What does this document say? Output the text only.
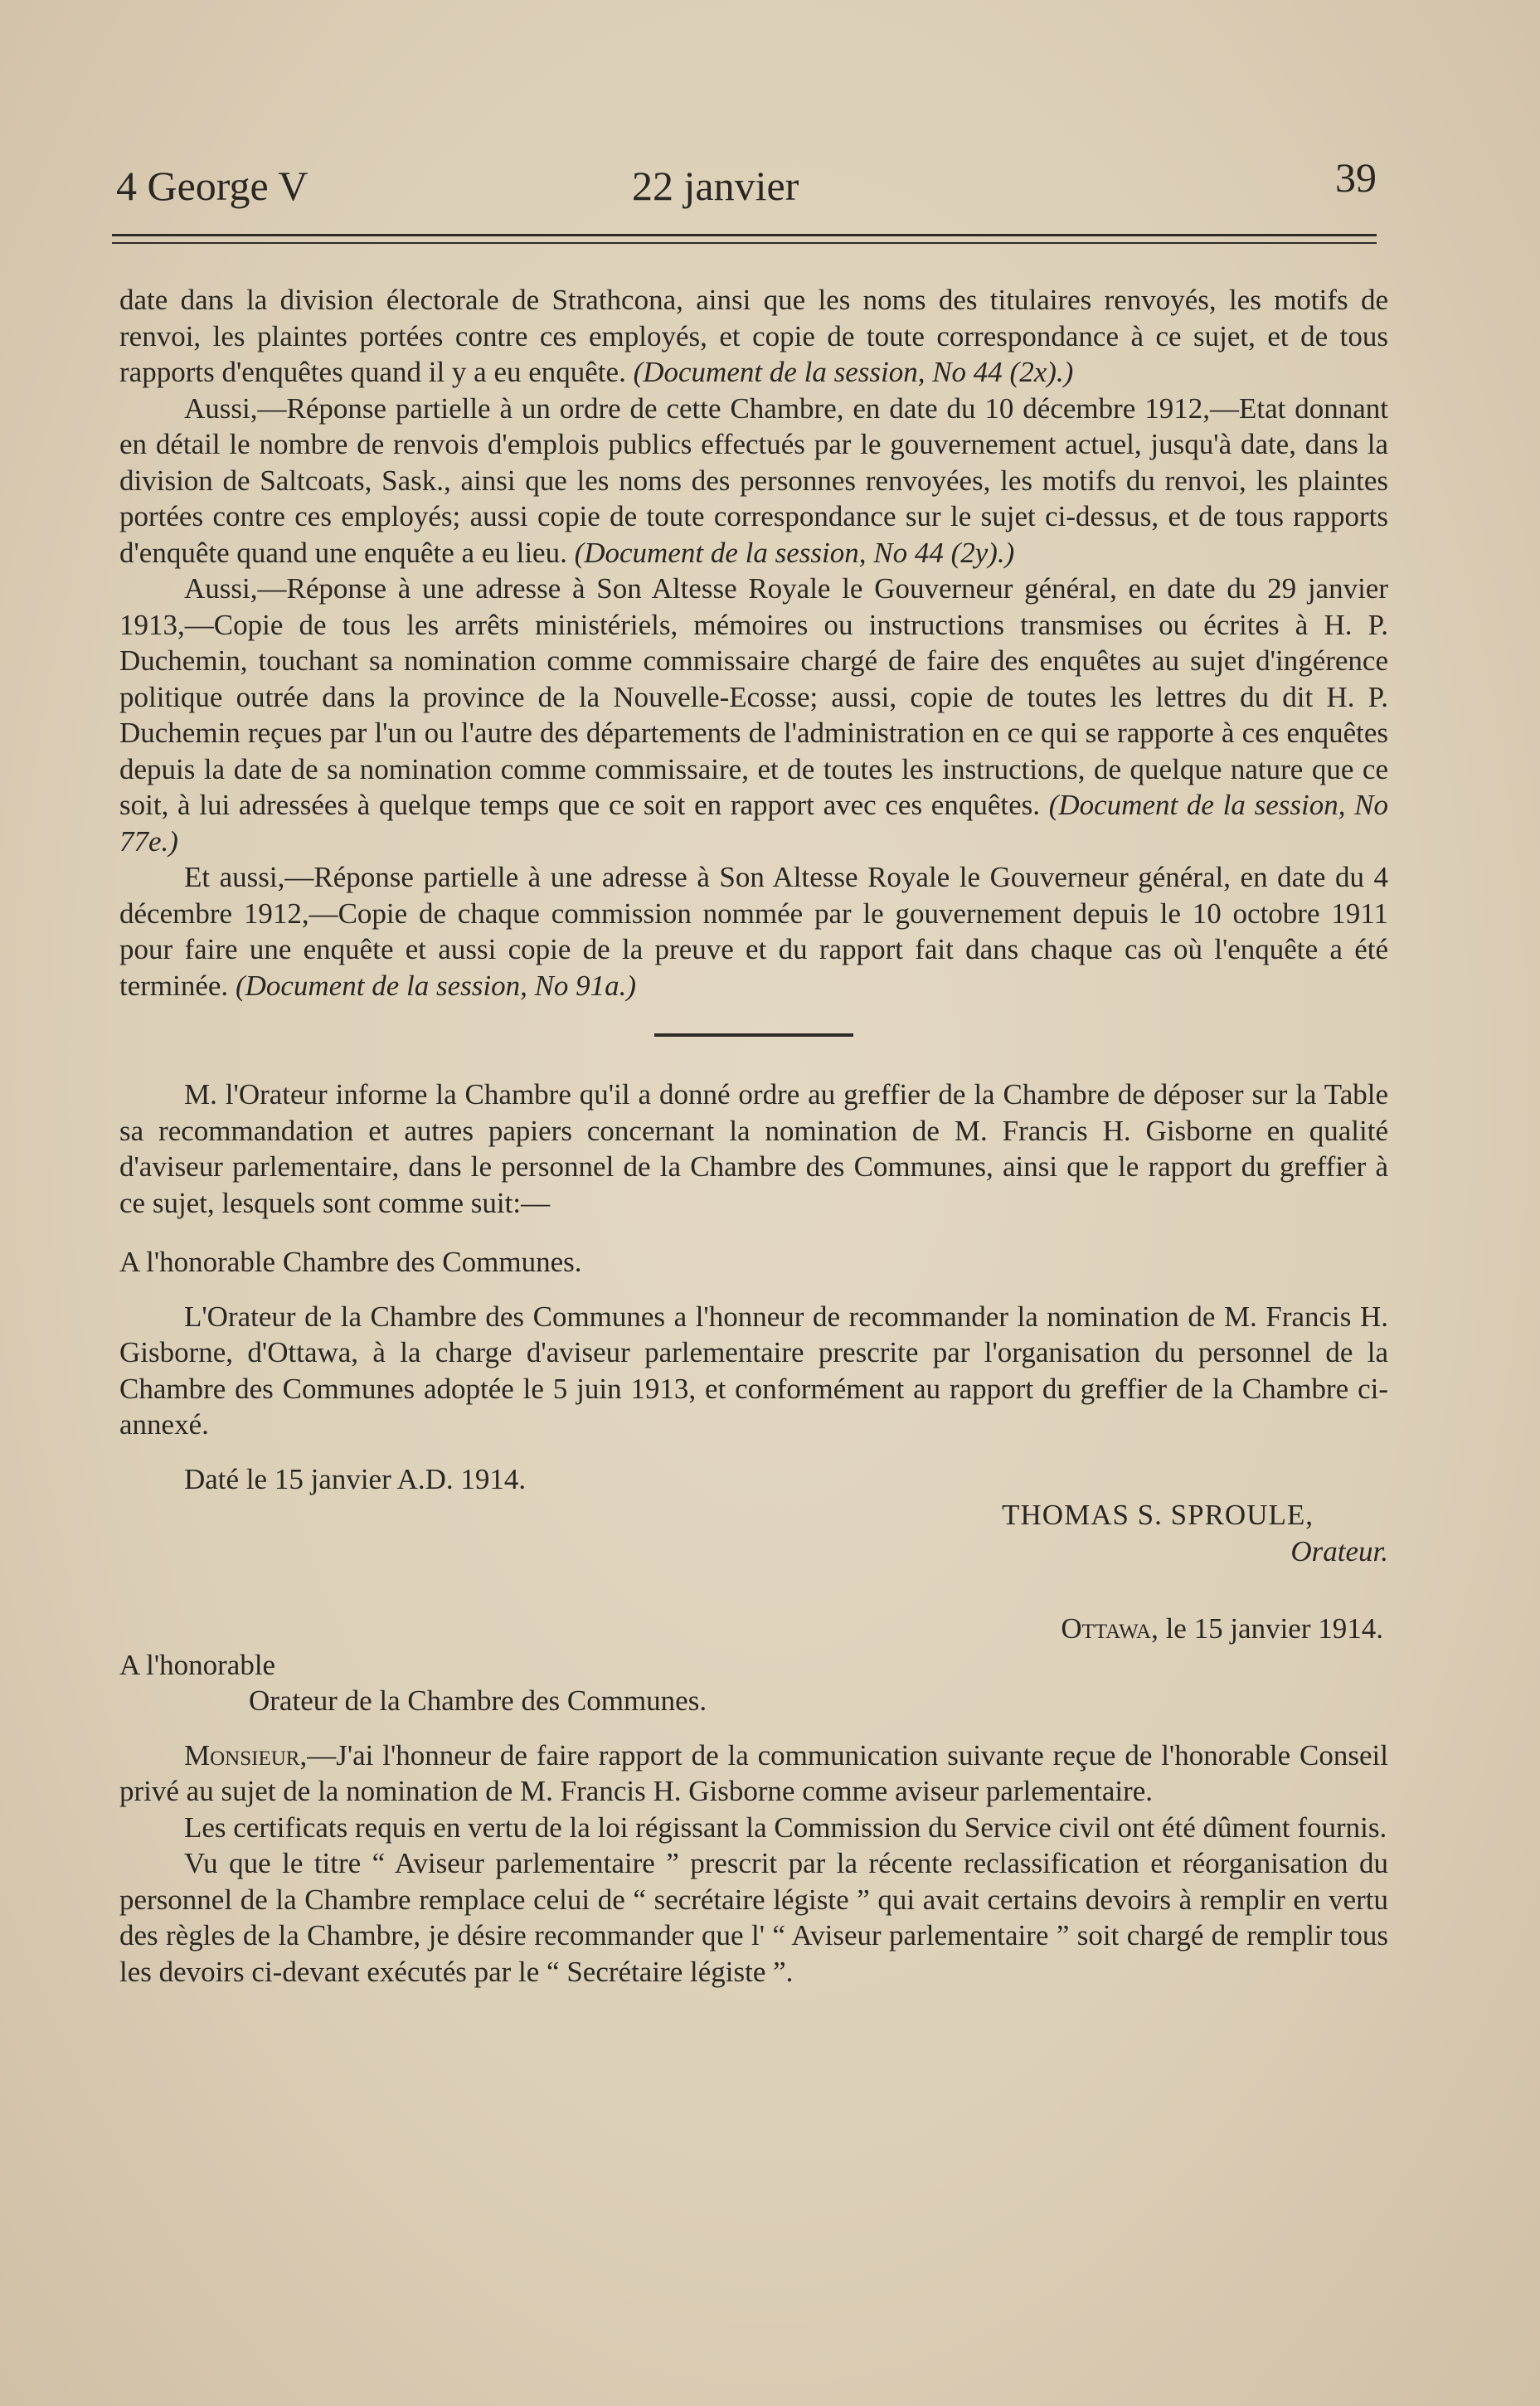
4 George V	22 janvier	39

date dans la division électorale de Strathcona, ainsi que les noms des titulaires renvoyés, les motifs de renvoi, les plaintes portées contre ces employés, et copie de toute correspondance à ce sujet, et de tous rapports d'enquêtes quand il y a eu enquête. (Document de la session, No 44 (2x).)

Aussi,—Réponse partielle à un ordre de cette Chambre, en date du 10 décembre 1912,—Etat donnant en détail le nombre de renvois d'emplois publics effectués par le gouvernement actuel, jusqu'à date, dans la division de Saltcoats, Sask., ainsi que les noms des personnes renvoyées, les motifs du renvoi, les plaintes portées contre ces employés; aussi copie de toute correspondance sur le sujet ci-dessus, et de tous rapports d'enquête quand une enquête a eu lieu. (Document de la session, No 44 (2y).)

Aussi,—Réponse à une adresse à Son Altesse Royale le Gouverneur général, en date du 29 janvier 1913,—Copie de tous les arrêts ministériels, mémoires ou instructions transmises ou écrites à H. P. Duchemin, touchant sa nomination comme commissaire chargé de faire des enquêtes au sujet d'ingérence politique outrée dans la province de la Nouvelle-Ecosse; aussi, copie de toutes les lettres du dit H. P. Duchemin reçues par l'un ou l'autre des départements de l'administration en ce qui se rapporte à ces enquêtes depuis la date de sa nomination comme commissaire, et de toutes les instructions, de quelque nature que ce soit, à lui adressées à quelque temps que ce soit en rapport avec ces enquêtes. (Document de la session, No 77e.)

Et aussi,—Réponse partielle à une adresse à Son Altesse Royale le Gouverneur général, en date du 4 décembre 1912,—Copie de chaque commission nommée par le gouvernement depuis le 10 octobre 1911 pour faire une enquête et aussi copie de la preuve et du rapport fait dans chaque cas où l'enquête a été terminée. (Document de la session, No 91a.)

M. l'Orateur informe la Chambre qu'il a donné ordre au greffier de la Chambre de déposer sur la Table sa recommandation et autres papiers concernant la nomination de M. Francis H. Gisborne en qualité d'aviseur parlementaire, dans le personnel de la Chambre des Communes, ainsi que le rapport du greffier à ce sujet, lesquels sont comme suit:—

A l'honorable Chambre des Communes.

L'Orateur de la Chambre des Communes a l'honneur de recommander la nomination de M. Francis H. Gisborne, d'Ottawa, à la charge d'aviseur parlementaire prescrite par l'organisation du personnel de la Chambre des Communes adoptée le 5 juin 1913, et conformément au rapport du greffier de la Chambre ci-annexé.

Daté le 15 janvier A.D. 1914.

THOMAS S. SPROULE,

Orateur.

Ottawa, le 15 janvier 1914.

A l'honorable

Orateur de la Chambre des Communes.

Monsieur,—J'ai l'honneur de faire rapport de la communication suivante reçue de l'honorable Conseil privé au sujet de la nomination de M. Francis H. Gisborne comme aviseur parlementaire.

Les certificats requis en vertu de la loi régissant la Commission du Service civil ont été dûment fournis.

Vu que le titre “ Aviseur parlementaire ” prescrit par la récente reclassification et réorganisation du personnel de la Chambre remplace celui de “ secrétaire légiste ” qui avait certains devoirs à remplir en vertu des règles de la Chambre, je désire recommander que l' “ Aviseur parlementaire ” soit chargé de remplir tous les devoirs ci-devant exécutés par le “ Secrétaire légiste ”.
